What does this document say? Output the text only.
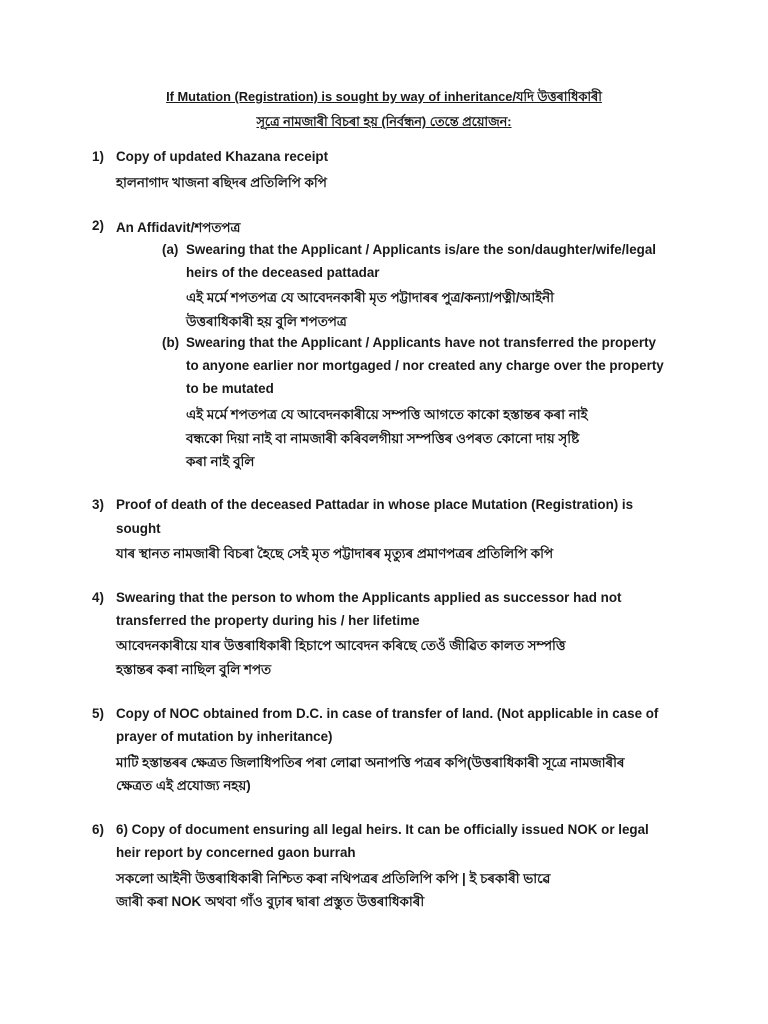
If Mutation (Registration) is sought by way of inheritance/যদি উত্তৰাধিকাৰী
সূত্ৰে নামজাৰী বিচৰা হয় (নিৰ্বন্ধন) তেন্তে প্ৰয়োজন:
1) Copy of updated Khazana receipt
হালনাগাদ খাজনা ৰছিদৰ প্ৰতিলিপি কপি
2) An Affidavit/শপতপত্ৰ
(a) Swearing that the Applicant / Applicants is/are the son/daughter/wife/legal
heirs of the deceased pattadar
এই মৰ্মে শপতপত্ৰ যে আবেদনকাৰী মৃত পট্টাদাৰৰ পুত্ৰ/কন্যা/পত্নী/আইনী
উত্তৰাধিকাৰী হয় বুলি শপতপত্ৰ
(b) Swearing that the Applicant / Applicants have not transferred the property
to anyone earlier nor mortgaged / nor created any charge over the property
to be mutated
এই মৰ্মে শপতপত্ৰ যে আবেদনকাৰীয়ে সম্পত্তি আগতে কাকো হস্তান্তৰ কৰা নাই
বন্ধকো দিয়া নাই বা নামজাৰী কৰিবলগীয়া সম্পত্তিৰ ওপৰত কোনো দায় সৃষ্টি
কৰা নাই বুলি
3) Proof of death of the deceased Pattadar in whose place Mutation (Registration) is
sought
যাৰ স্থানত নামজাৰী বিচৰা হৈছে সেই মৃত পট্টাদাৰৰ মৃত্যুৰ প্ৰমাণপত্ৰৰ প্ৰতিলিপি কপি
4) Swearing that the person to whom the Applicants applied as successor had not
transferred the property during his / her lifetime
আবেদনকাৰীয়ে যাৰ উত্তৰাধিকাৰী হিচাপে আবেদন কৰিছে তেওঁ জীৱিত কালত সম্পত্তি
হস্তান্তৰ কৰা নাছিল বুলি শপত
5) Copy of NOC obtained from D.C. in case of transfer of land. (Not applicable in case of
prayer of mutation by inheritance)
মাটি হস্তান্তৰৰ ক্ষেত্ৰত জিলাধিপতিৰ পৰা লোৱা অনাপত্তি পত্ৰৰ কপি(উত্তৰাধিকাৰী সূত্ৰে নামজাৰীৰ
ক্ষেত্ৰত এই প্ৰযোজ্য নহয়)
6) 6) Copy of document ensuring all legal heirs. It can be officially issued NOK or legal
heir report by concerned gaon burrah
সকলো আইনী উত্তৰাধিকাৰী নিশ্চিত কৰা নথিপত্ৰৰ প্ৰতিলিপি কপি | ই চৰকাৰী ভাৱে
জাৰী কৰা NOK অথবা গাঁও বুঢ়াৰ দ্বাৰা প্ৰস্তুত উত্তৰাধিকাৰী
